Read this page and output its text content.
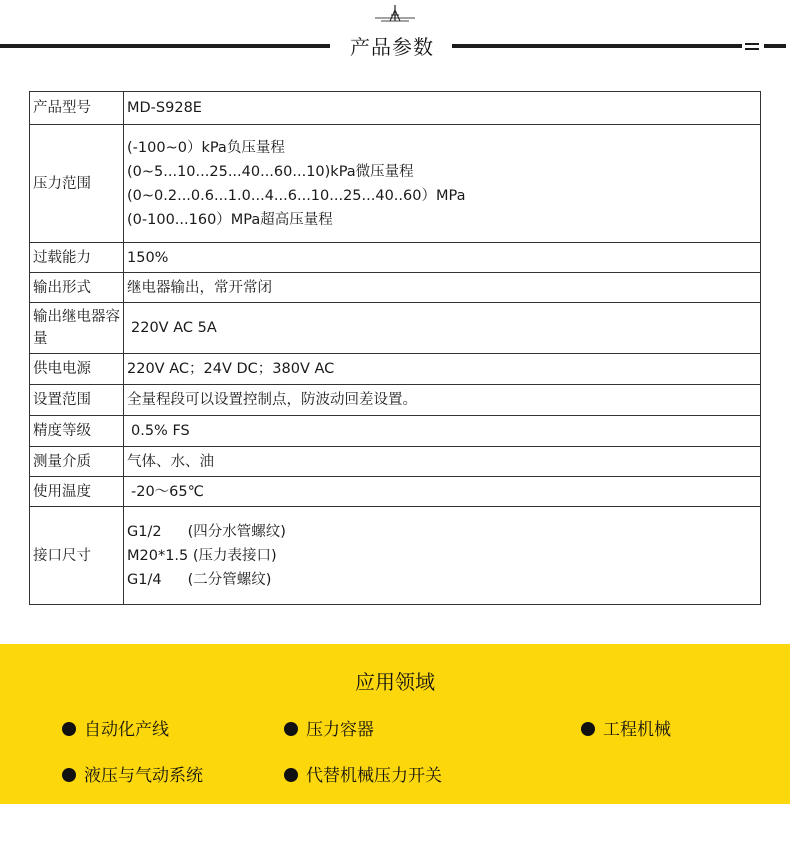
产品参数
产品型号	MD-S928E
压力范围	(-100~0）kPa负压量程
(0~5...10...25...40...60...10)kPa微压量程
(0~0.2...0.6...1.0...4...6...10...25...40..60）MPa
(0-100...160）MPa超高压量程

过载能力	150%
输出形式	继电器输出，常开常闭
输出继电器容量	220V AC 5A
供电电源	220V AC；24V DC；380V AC
设置范围	全量程段可以设置控制点，防波动回差设置。
精度等级	0.5% FS
测量介质	气体、水、油
使用温度	-20～65℃
接口尺寸	G1/2 (四分水管螺纹)
M20*1.5 (压力表接口)
G1/4 (二分管螺纹)
应用领域
自动化产线	压力容器	工程机械
液压与气动系统	代替机械压力开关
